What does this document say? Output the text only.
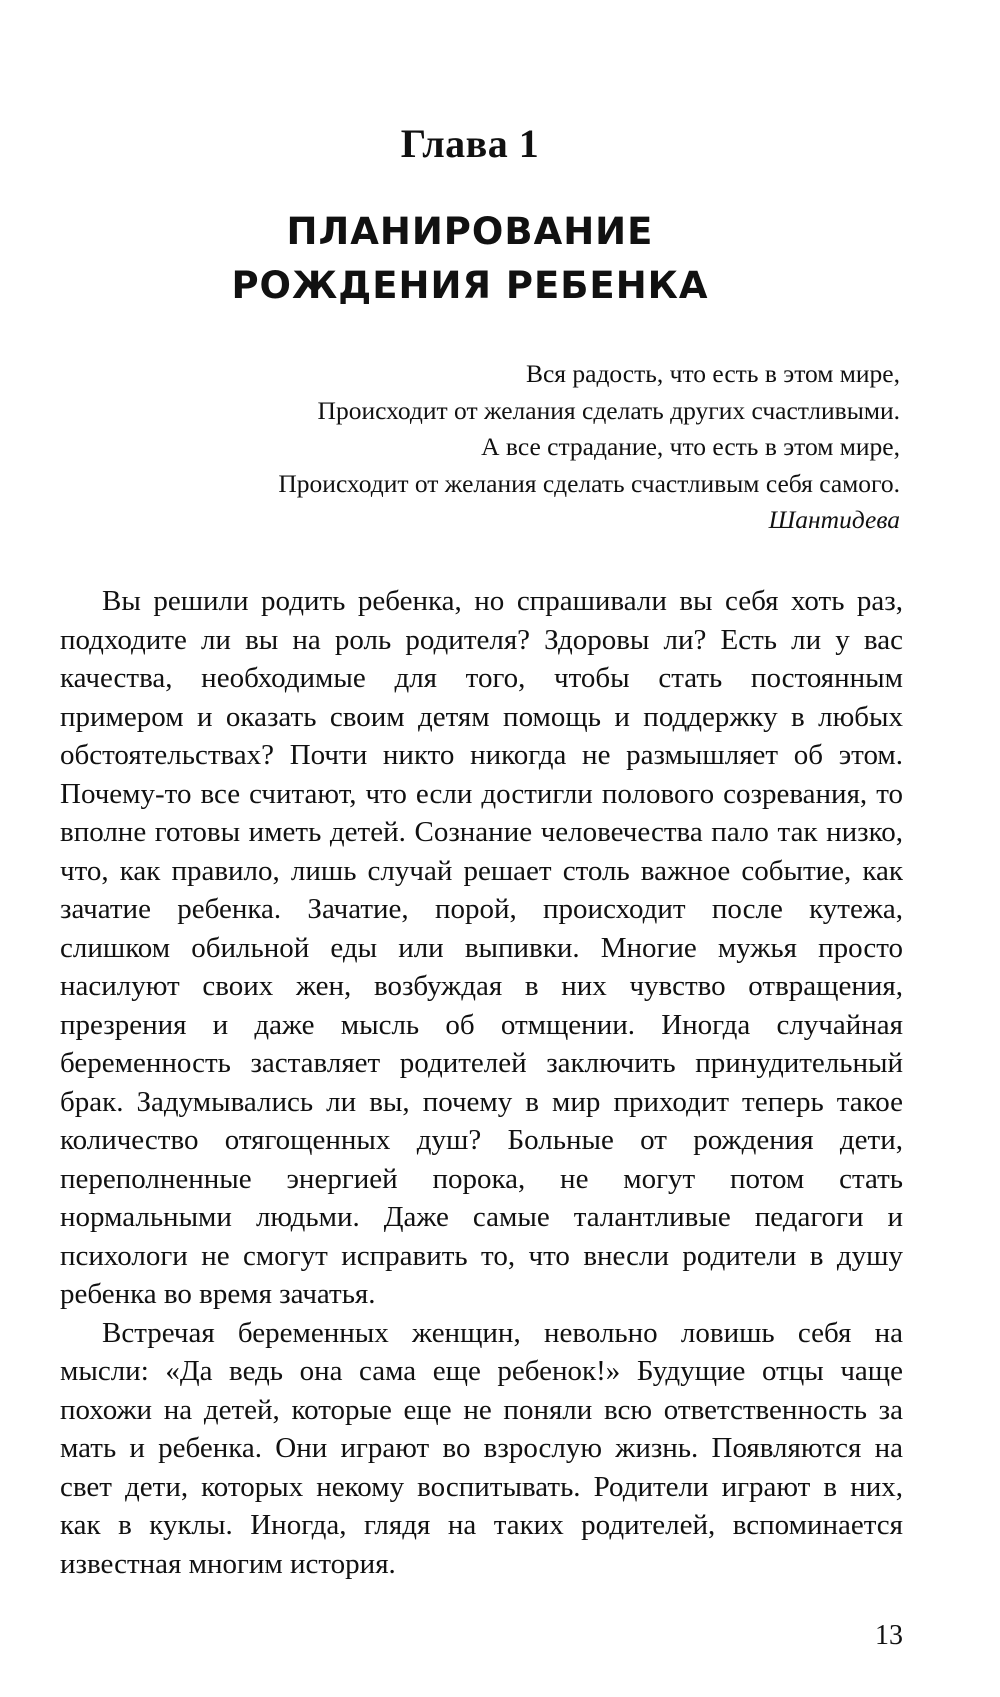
Глава 1
ПЛАНИРОВАНИЕ
РОЖДЕНИЯ РЕБЕНКА
Вся радость, что есть в этом мире,
Происходит от желания сделать других счастливыми.
А все страдание, что есть в этом мире,
Происходит от желания сделать счастливым себя самого.
Шантидева

Вы решили родить ребенка, но спрашивали вы себя хоть раз, подходите ли вы на роль родителя? Здоровы ли? Есть ли у вас качества, необходимые для того, чтобы стать постоянным примером и оказать своим детям помощь и поддержку в любых обстоятельствах? Почти никто никогда не размышляет об этом. Почему-то все считают, что если достигли полового созревания, то вполне готовы иметь детей. Сознание человечества пало так низко, что, как правило, лишь случай решает столь важное событие, как зачатие ребенка. Зачатие, порой, происходит после кутежа, слишком обильной еды или выпивки. Многие мужья просто насилуют своих жен, возбуждая в них чувство отвращения, презрения и даже мысль об отмщении. Иногда случайная беременность заставляет родителей заключить принудительный брак. Задумывались ли вы, почему в мир приходит теперь такое количество отягощенных душ? Больные от рождения дети, переполненные энергией порока, не могут потом стать нормальными людьми. Даже самые талантливые педагоги и психологи не смогут исправить то, что внесли родители в душу ребенка во время зачатья.

Встречая беременных женщин, невольно ловишь себя на мысли: «Да ведь она сама еще ребенок!» Будущие отцы чаще похожи на детей, которые еще не поняли всю ответственность за мать и ребенка. Они играют во взрослую жизнь. Появляются на свет дети, которых некому воспитывать. Родители играют в них, как в куклы. Иногда, глядя на таких родителей, вспоминается известная многим история.

13
